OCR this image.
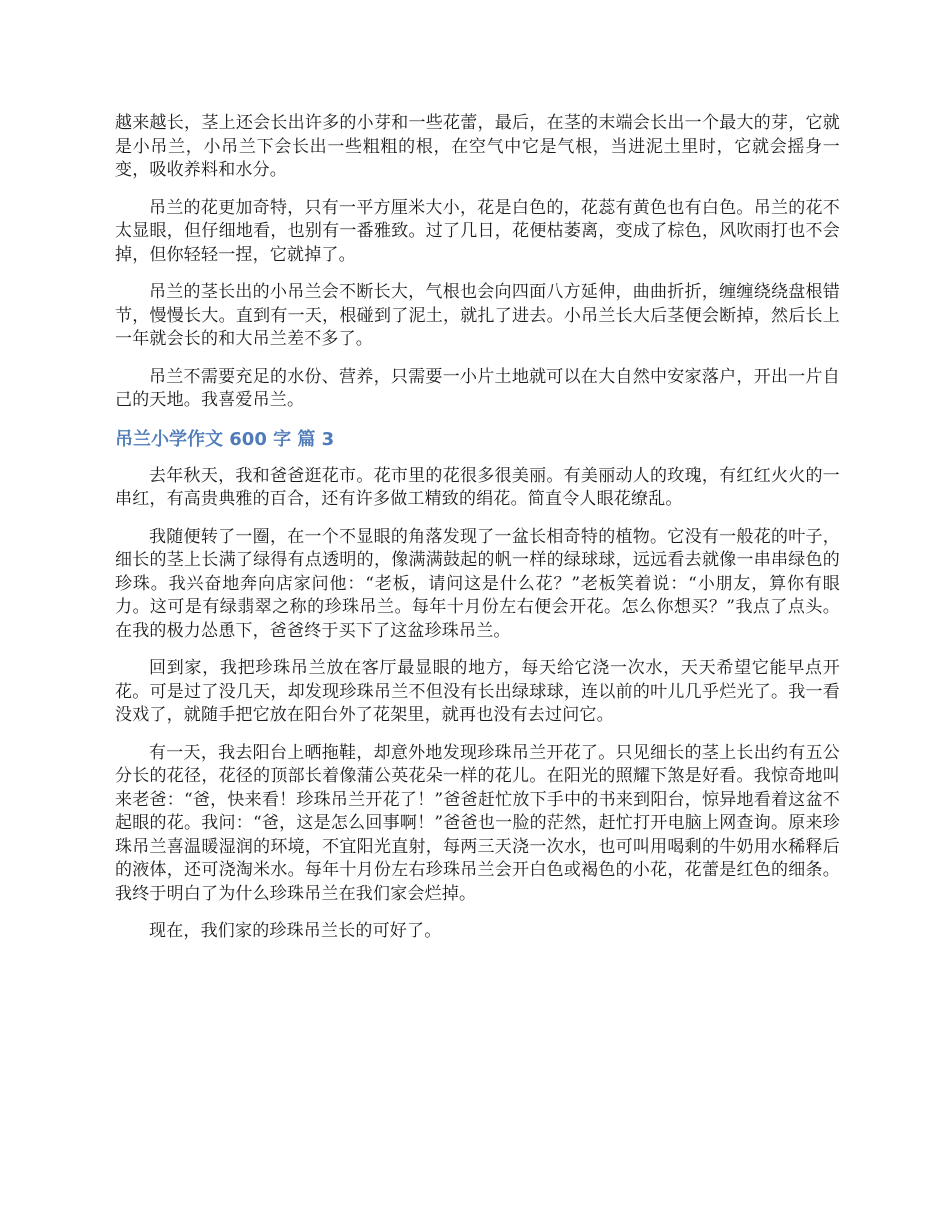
越来越长，茎上还会长出许多的小芽和一些花蕾，最后，在茎的末端会长出一个最大的芽，它就是小吊兰，小吊兰下会长出一些粗粗的根，在空气中它是气根，当进泥土里时，它就会摇身一变，吸收养料和水分。

吊兰的花更加奇特，只有一平方厘米大小，花是白色的，花蕊有黄色也有白色。吊兰的花不太显眼，但仔细地看，也别有一番雅致。过了几日，花便枯萎离，变成了棕色，风吹雨打也不会掉，但你轻轻一捏，它就掉了。

吊兰的茎长出的小吊兰会不断长大，气根也会向四面八方延伸，曲曲折折，缠缠绕绕盘根错节，慢慢长大。直到有一天，根碰到了泥土，就扎了进去。小吊兰长大后茎便会断掉，然后长上一年就会长的和大吊兰差不多了。

吊兰不需要充足的水份、营养，只需要一小片土地就可以在大自然中安家落户，开出一片自己的天地。我喜爱吊兰。

吊兰小学作文 600 字 篇 3

去年秋天，我和爸爸逛花市。花市里的花很多很美丽。有美丽动人的玫瑰，有红红火火的一串红，有高贵典雅的百合，还有许多做工精致的绢花。简直令人眼花缭乱。

我随便转了一圈，在一个不显眼的角落发现了一盆长相奇特的植物。它没有一般花的叶子，细长的茎上长满了绿得有点透明的，像满满鼓起的帆一样的绿球球，远远看去就像一串串绿色的珍珠。我兴奋地奔向店家问他：“老板，请问这是什么花？”老板笑着说：“小朋友，算你有眼力。这可是有绿翡翠之称的珍珠吊兰。每年十月份左右便会开花。怎么你想买？”我点了点头。在我的极力怂恿下，爸爸终于买下了这盆珍珠吊兰。

回到家，我把珍珠吊兰放在客厅最显眼的地方，每天给它浇一次水，天天希望它能早点开花。可是过了没几天，却发现珍珠吊兰不但没有长出绿球球，连以前的叶儿几乎烂光了。我一看没戏了，就随手把它放在阳台外了花架里，就再也没有去过问它。

有一天，我去阳台上晒拖鞋，却意外地发现珍珠吊兰开花了。只见细长的茎上长出约有五公分长的花径，花径的顶部长着像蒲公英花朵一样的花儿。在阳光的照耀下煞是好看。我惊奇地叫来老爸：“爸，快来看！珍珠吊兰开花了！”爸爸赶忙放下手中的书来到阳台，惊异地看着这盆不起眼的花。我问：“爸，这是怎么回事啊！”爸爸也一脸的茫然，赶忙打开电脑上网查询。原来珍珠吊兰喜温暖湿润的环境，不宜阳光直射，每两三天浇一次水，也可叫用喝剩的牛奶用水稀释后的液体，还可浇淘米水。每年十月份左右珍珠吊兰会开白色或褐色的小花，花蕾是红色的细条。我终于明白了为什么珍珠吊兰在我们家会烂掉。

现在，我们家的珍珠吊兰长的可好了。
